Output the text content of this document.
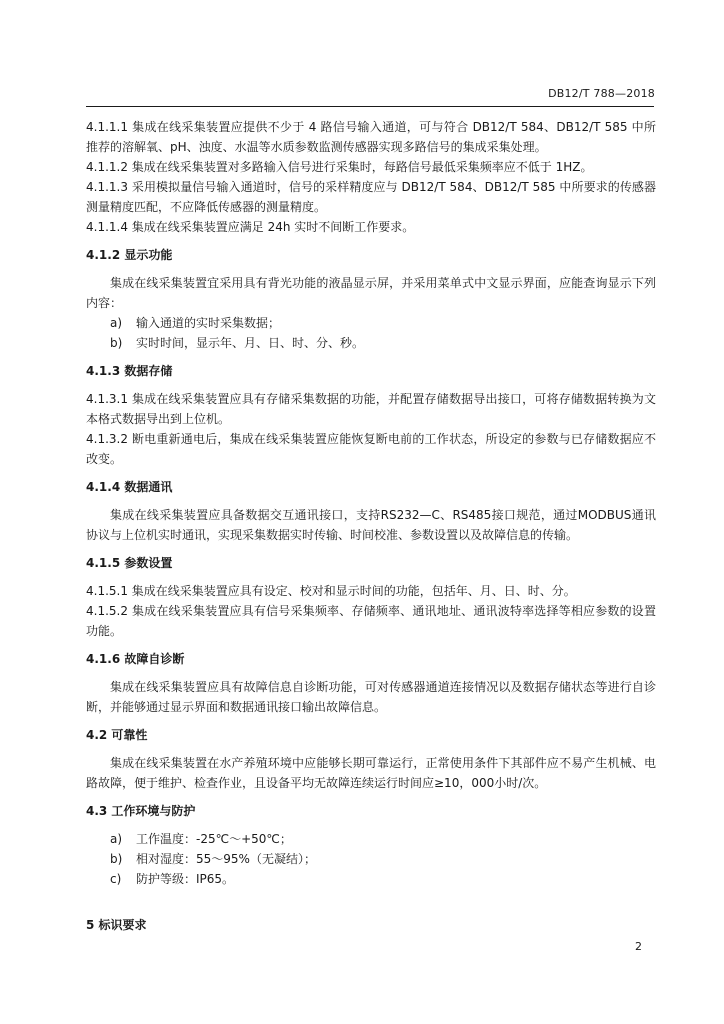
DB12/T 788—2018

4.1.1.1 集成在线采集装置应提供不少于 4 路信号输入通道，可与符合 DB12/T 584、DB12/T 585 中所推荐的溶解氧、pH、浊度、水温等水质参数监测传感器实现多路信号的集成采集处理。

4.1.1.2 集成在线采集装置对多路输入信号进行采集时，每路信号最低采集频率应不低于 1HZ。

4.1.1.3 采用模拟量信号输入通道时，信号的采样精度应与 DB12/T 584、DB12/T 585 中所要求的传感器测量精度匹配，不应降低传感器的测量精度。

4.1.1.4 集成在线采集装置应满足 24h 实时不间断工作要求。

4.1.2 显示功能

集成在线采集装置宜采用具有背光功能的液晶显示屏，并采用菜单式中文显示界面，应能查询显示下列内容：

a) 输入通道的实时采集数据；

b) 实时时间，显示年、月、日、时、分、秒。

4.1.3 数据存储

4.1.3.1 集成在线采集装置应具有存储采集数据的功能，并配置存储数据导出接口，可将存储数据转换为文本格式数据导出到上位机。

4.1.3.2 断电重新通电后，集成在线采集装置应能恢复断电前的工作状态，所设定的参数与已存储数据应不改变。

4.1.4 数据通讯

集成在线采集装置应具备数据交互通讯接口，支持RS232—C、RS485接口规范，通过MODBUS通讯协议与上位机实时通讯，实现采集数据实时传输、时间校准、参数设置以及故障信息的传输。

4.1.5 参数设置

4.1.5.1 集成在线采集装置应具有设定、校对和显示时间的功能，包括年、月、日、时、分。

4.1.5.2 集成在线采集装置应具有信号采集频率、存储频率、通讯地址、通讯波特率选择等相应参数的设置功能。

4.1.6 故障自诊断

集成在线采集装置应具有故障信息自诊断功能，可对传感器通道连接情况以及数据存储状态等进行自诊断，并能够通过显示界面和数据通讯接口输出故障信息。

4.2 可靠性

集成在线采集装置在水产养殖环境中应能够长期可靠运行，正常使用条件下其部件应不易产生机械、电路故障，便于维护、检查作业，且设备平均无故障连续运行时间应≥10，000小时/次。

4.3 工作环境与防护

a) 工作温度：-25℃～+50℃；

b) 相对湿度：55～95%（无凝结）；

c) 防护等级：IP65。

5 标识要求

2
